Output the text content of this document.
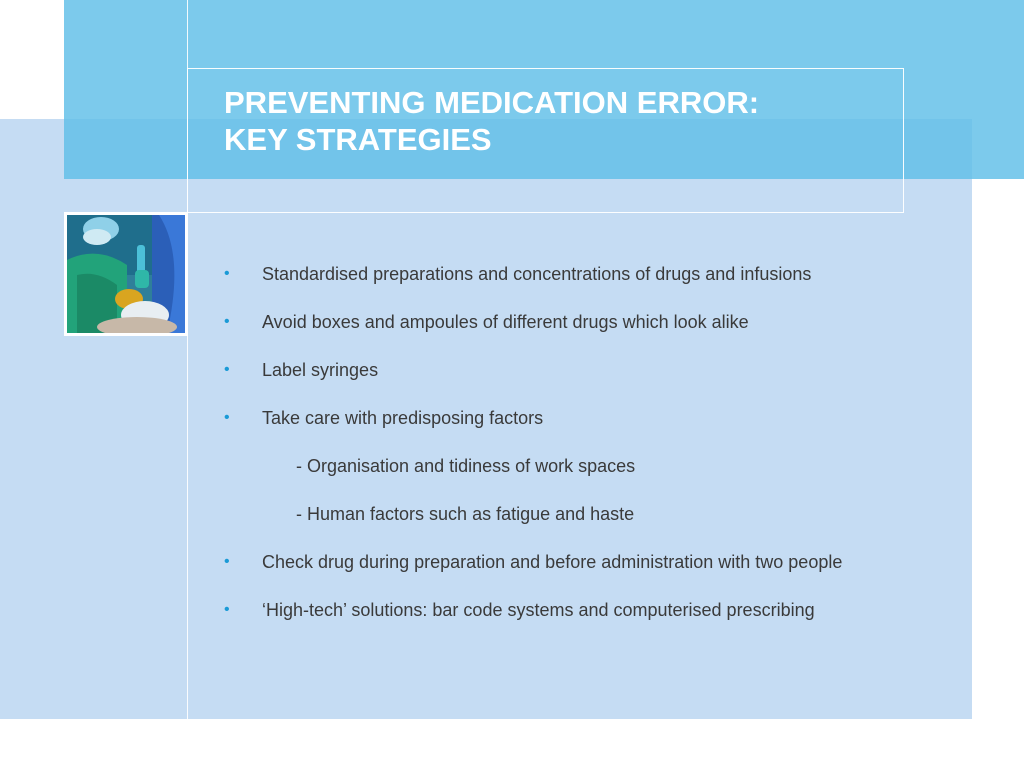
PREVENTING MEDICATION ERROR:
KEY STRATEGIES
• Standardised preparations and concentrations of drugs and infusions
• Avoid boxes and ampoules of different drugs which look alike
• Label syringes
• Take care with predisposing factors
- Organisation and tidiness of work spaces
- Human factors such as fatigue and haste
• Check drug during preparation and before administration with two people
• ‘High-tech’ solutions: bar code systems and computerised prescribing
